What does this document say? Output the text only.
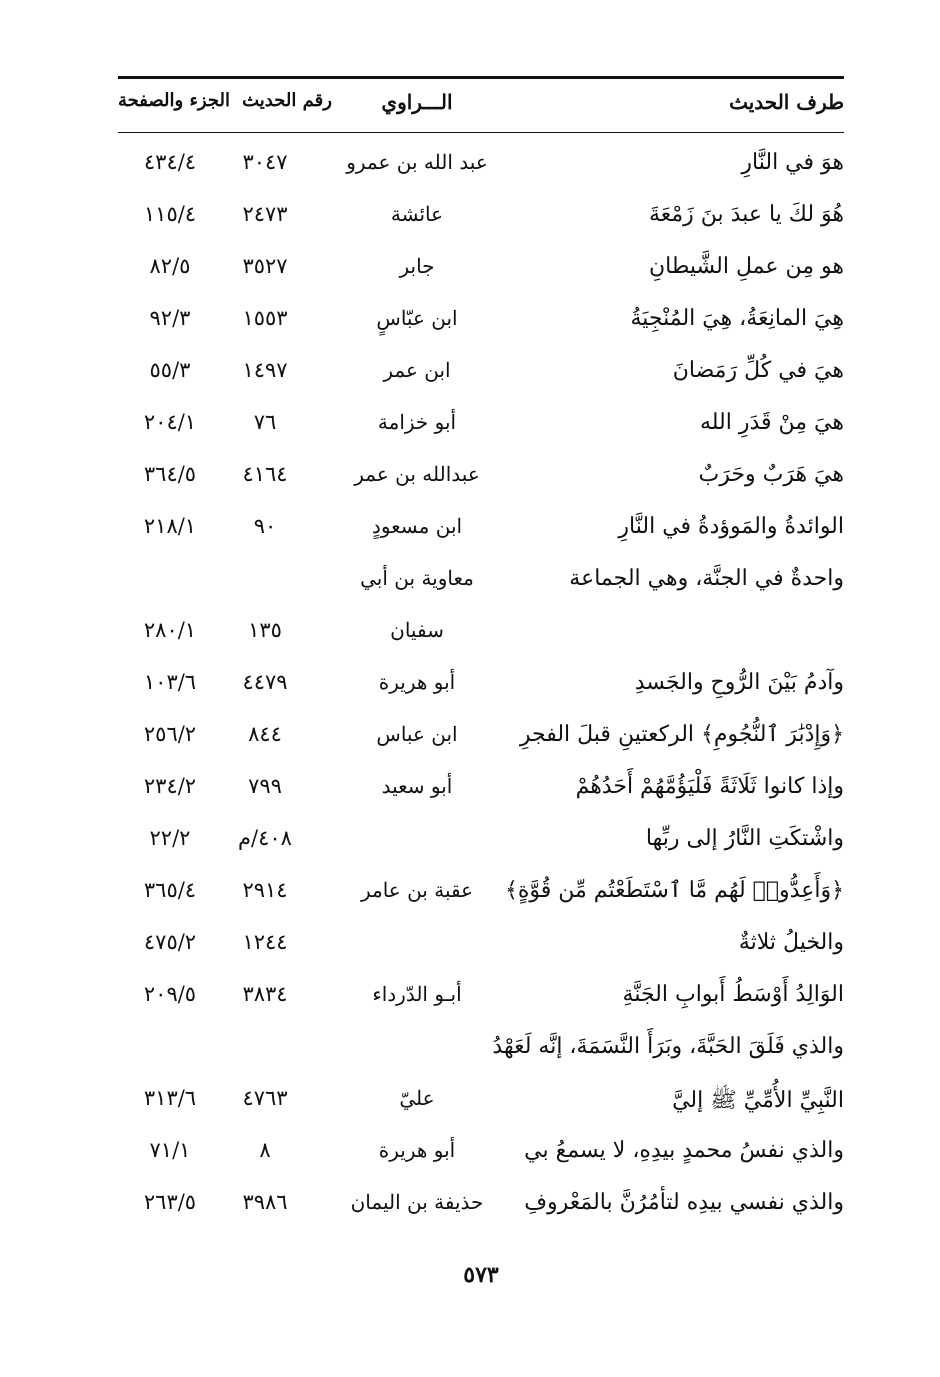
طرف الحديث
الـــراوي
رقم الحديث
الجزء والصفحة
هوَ في النَّارِ
عبد الله بن عمرو
٣٠٤٧
٤٣٤/٤
هُوَ لكَ يا عبدَ بنَ زَمْعَةَ
عائشة
٢٤٧٣
١١٥/٤
هو مِن عملِ الشَّيطانِ
جابر
٣٥٢٧
٨٢/٥
هِيَ المانِعَةُ، هِيَ المُنْجِيَةُ
ابن عبّاسٍ
١٥٥٣
٩٢/٣
هيَ في كُلِّ رَمَضانَ
ابن عمر
١٤٩٧
٥٥/٣
هيَ مِنْ قَدَرِ الله
أبو خزامة
٧٦
٢٠٤/١
هيَ هَرَبٌ وحَرَبٌ
عبدالله بن عمر
٤١٦٤
٣٦٤/٥
الوائدةُ والمَوؤدةُ في النَّارِ
ابن مسعودٍ
٩٠
٢١٨/١
واحدةٌ في الجنَّة، وهي الجماعة
معاوية بن أبي
سفيان
١٣٥
٢٨٠/١
وآدمُ بَيْنَ الرُّوحِ والجَسدِ
أبو هريرة
٤٤٧٩
١٠٣/٦
﴿وَإِدْبَٰرَ ٱلنُّجُومِ﴾ الركعتينِ قبلَ الفجرِ
ابن عباس
٨٤٤
٢٥٦/٢
وإذا كانوا ثَلَاثَةً فَلْيَؤُمَّهُمْ أَحَدُهُمْ
أبو سعيد
٧٩٩
٢٣٤/٢
واشْتكَتِ النَّارُ إلى ربِّها
٤٠٨/م
٢٢/٢
﴿وَأَعِدُّوا۟ لَهُم مَّا ٱسْتَطَعْتُم مِّن قُوَّةٍ﴾
عقبة بن عامر
٢٩١٤
٣٦٥/٤
والخيلُ ثلاثةٌ
١٢٤٤
٤٧٥/٢
الوَالِدُ أَوْسَطُ أَبوابِ الجَنَّةِ
أبـو الدّرداء
٣٨٣٤
٢٠٩/٥
والذي فَلَقَ الحَبَّةَ، وبَرَأَ النَّسَمَةَ، إنَّه لَعَهْدُ
النَّبِيِّ الأُمِّيِّ ﷺ إليَّ
عليّ
٤٧٦٣
٣١٣/٦
والذي نفسُ محمدٍ بيدِهِ، لا يسمعُ بي
أبو هريرة
٨
٧١/١
والذي نفسي بيدِه لتأمُرُنَّ بالمَعْروفِ
حذيفة بن اليمان
٣٩٨٦
٢٦٣/٥
٥٧٣
